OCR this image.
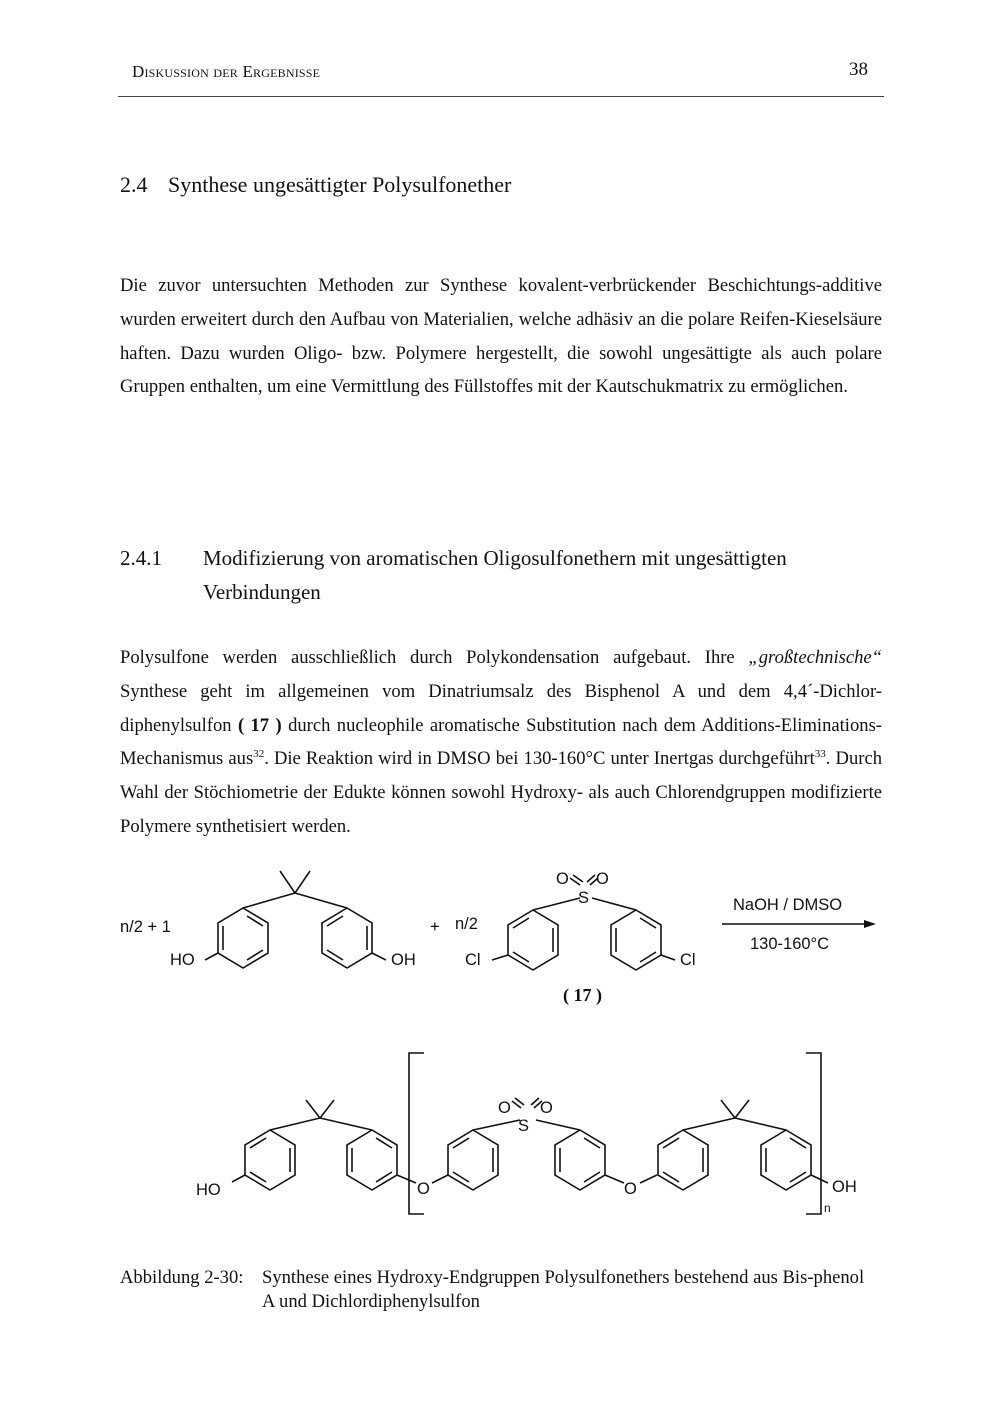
Diskussion der Ergebnisse	38
2.4 Synthese ungesättigter Polysulfonether

Die zuvor untersuchten Methoden zur Synthese kovalent-verbrückender Beschichtungs-additive wurden erweitert durch den Aufbau von Materialien, welche adhäsiv an die polare Reifen-Kieselsäure haften. Dazu wurden Oligo- bzw. Polymere hergestellt, die sowohl ungesättigte als auch polare Gruppen enthalten, um eine Vermittlung des Füllstoffes mit der Kautschukmatrix zu ermöglichen.

2.4.1 Modifizierung von aromatischen Oligosulfonethern mit ungesättigten Verbindungen

Polysulfone werden ausschließlich durch Polykondensation aufgebaut. Ihre „großtechnische“ Synthese geht im allgemeinen vom Dinatriumsalz des Bisphenol A und dem 4,4´-Dichlor-diphenylsulfon ( 17 ) durch nucleophile aromatische Substitution nach dem Additions-Eliminations-Mechanismus aus$^{32}$. Die Reaktion wird in DMSO bei 130-160°C unter Inertgas durchgeführt$^{33}$. Durch Wahl der Stöchiometrie der Edukte können sowohl Hydroxy- als auch Chlorendgruppen modifizierte Polymere synthetisiert werden.

n/2 + 1
HO	OH
+ n/2
O O
S
Cl	Cl
( 17 )
NaOH / DMSO
130-160°C
HO	O
O O
S
O	OH
n
Abbildung 2-30: Synthese eines Hydroxy-Endgruppen Polysulfonethers bestehend aus Bis-phenol A und Dichlordiphenylsulfon
